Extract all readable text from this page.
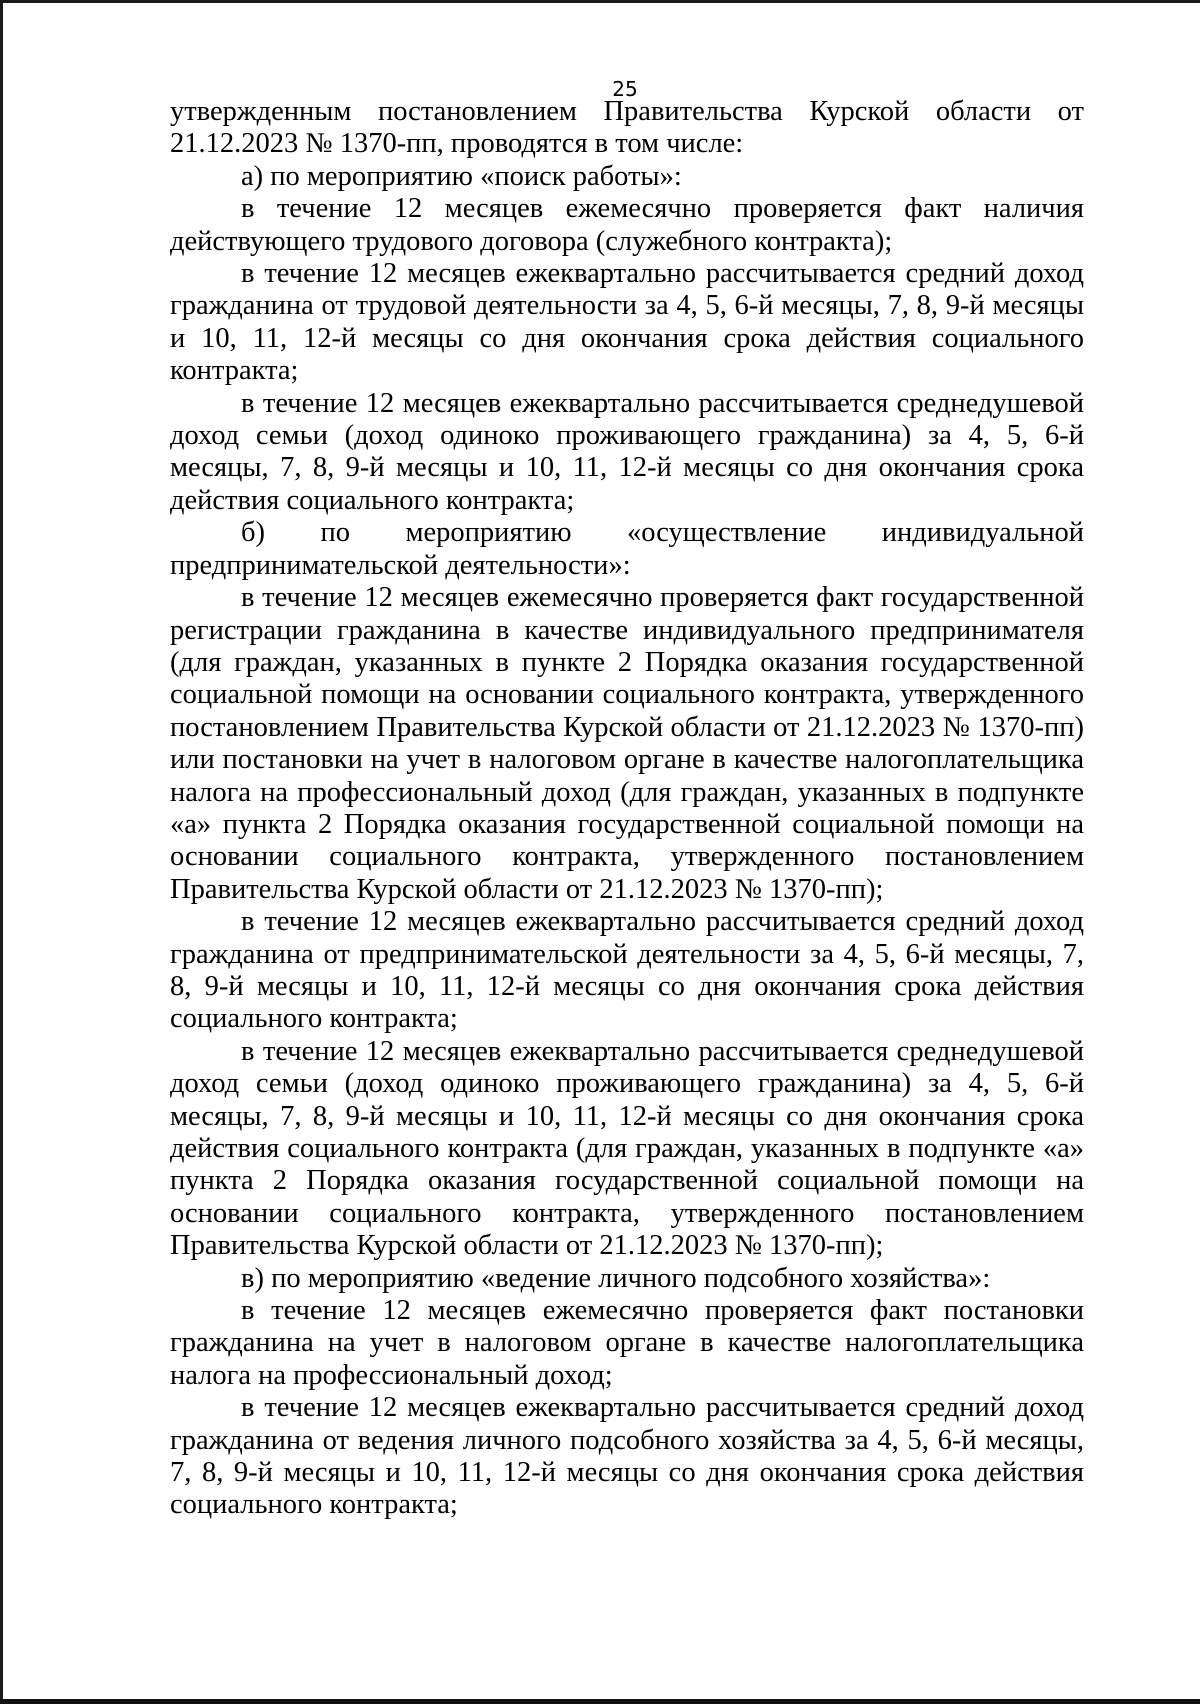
25

утвержденным постановлением Правительства Курской области от 21.12.2023 № 1370-пп, проводятся в том числе:

а) по мероприятию «поиск работы»:

в течение 12 месяцев ежемесячно проверяется факт наличия действующего трудового договора (служебного контракта);

в течение 12 месяцев ежеквартально рассчитывается средний доход гражданина от трудовой деятельности за 4, 5, 6-й месяцы, 7, 8, 9-й месяцы и 10, 11, 12-й месяцы со дня окончания срока действия социального контракта;

в течение 12 месяцев ежеквартально рассчитывается среднедушевой доход семьи (доход одиноко проживающего гражданина) за 4, 5, 6-й месяцы, 7, 8, 9-й месяцы и 10, 11, 12-й месяцы со дня окончания срока действия социального контракта;

б) по мероприятию «осуществление индивидуальной предпринимательской деятельности»:

в течение 12 месяцев ежемесячно проверяется факт государственной регистрации гражданина в качестве индивидуального предпринимателя (для граждан, указанных в пункте 2 Порядка оказания государственной социальной помощи на основании социального контракта, утвержденного постановлением Правительства Курской области от 21.12.2023 № 1370-пп) или постановки на учет в налоговом органе в качестве налогоплательщика налога на профессиональный доход (для граждан, указанных в подпункте «а» пункта 2 Порядка оказания государственной социальной помощи на основании социального контракта, утвержденного постановлением Правительства Курской области от 21.12.2023 № 1370-пп);

в течение 12 месяцев ежеквартально рассчитывается средний доход гражданина от предпринимательской деятельности за 4, 5, 6-й месяцы, 7, 8, 9-й месяцы и 10, 11, 12-й месяцы со дня окончания срока действия социального контракта;

в течение 12 месяцев ежеквартально рассчитывается среднедушевой доход семьи (доход одиноко проживающего гражданина) за 4, 5, 6-й месяцы, 7, 8, 9-й месяцы и 10, 11, 12-й месяцы со дня окончания срока действия социального контракта (для граждан, указанных в подпункте «а» пункта 2 Порядка оказания государственной социальной помощи на основании социального контракта, утвержденного постановлением Правительства Курской области от 21.12.2023 № 1370-пп);

в) по мероприятию «ведение личного подсобного хозяйства»:

в течение 12 месяцев ежемесячно проверяется факт постановки гражданина на учет в налоговом органе в качестве налогоплательщика налога на профессиональный доход;

в течение 12 месяцев ежеквартально рассчитывается средний доход гражданина от ведения личного подсобного хозяйства за 4, 5, 6-й месяцы, 7, 8, 9-й месяцы и 10, 11, 12-й месяцы со дня окончания срока действия социального контракта;
